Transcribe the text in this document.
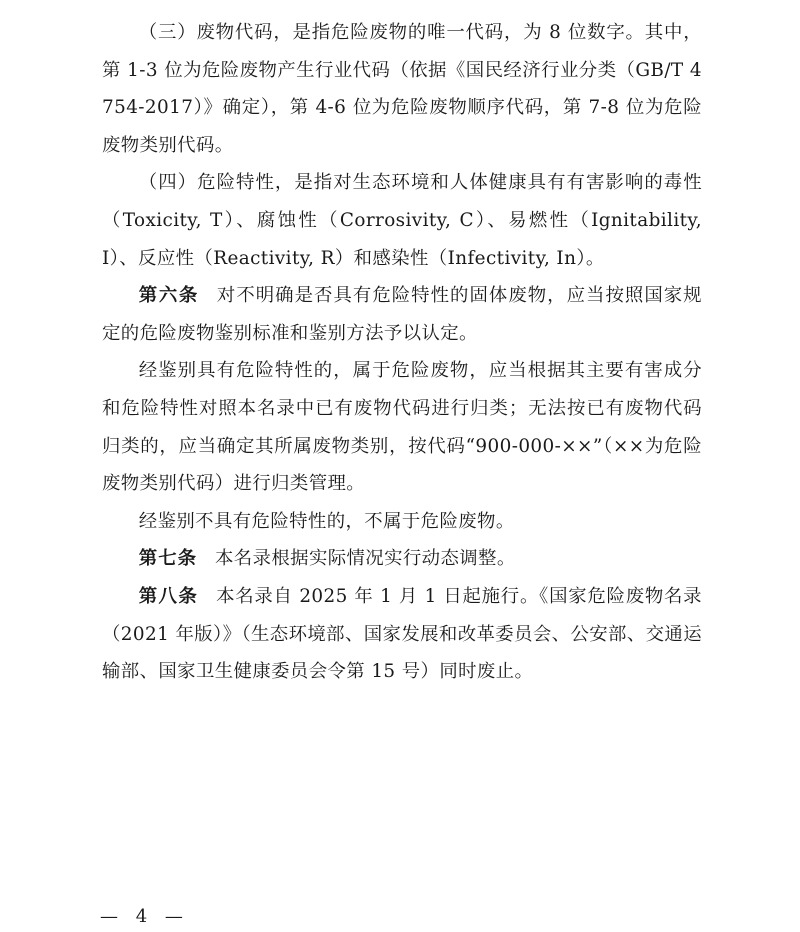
（三）废物代码，是指危险废物的唯一代码，为 8 位数字。其中，第 1-3 位为危险废物产生行业代码（依据《国民经济行业分类（GB/T 4754-2017）》确定），第 4-6 位为危险废物顺序代码，第 7-8 位为危险废物类别代码。

（四）危险特性，是指对生态环境和人体健康具有有害影响的毒性（Toxicity, T）、腐蚀性（Corrosivity, C）、易燃性（Ignitability, I）、反应性（Reactivity, R）和感染性（Infectivity, In）。

第六条 对不明确是否具有危险特性的固体废物，应当按照国家规定的危险废物鉴别标准和鉴别方法予以认定。

经鉴别具有危险特性的，属于危险废物，应当根据其主要有害成分和危险特性对照本名录中已有废物代码进行归类；无法按已有废物代码归类的，应当确定其所属废物类别，按代码“900-000-××”（××为危险废物类别代码）进行归类管理。

经鉴别不具有危险特性的，不属于危险废物。

第七条 本名录根据实际情况实行动态调整。

第八条 本名录自 2025 年 1 月 1 日起施行。《国家危险废物名录（2021 年版）》（生态环境部、国家发展和改革委员会、公安部、交通运输部、国家卫生健康委员会令第 15 号）同时废止。

— 4 —
